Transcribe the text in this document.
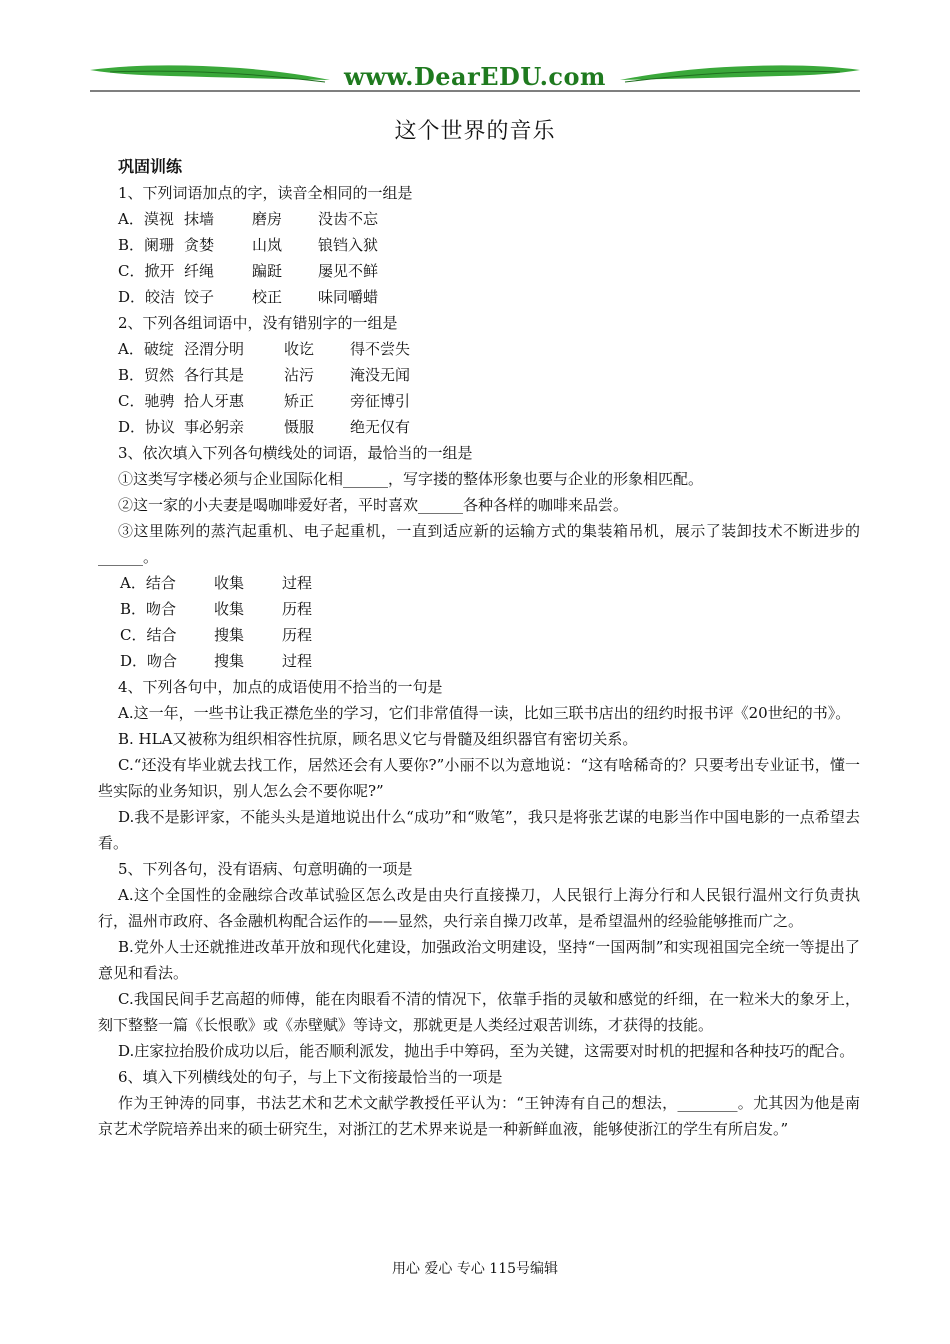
www.DearEDU.com
这个世界的音乐
巩固训练
1、下列词语加点的字，读音全相同的一组是
A．漠视 抹墙	磨房	没齿不忘
B．阑珊 贪婪	山岚	锒铛入狱
C．掀开 纤绳	蹁跹	屡见不鲜
D．皎洁 饺子	校正	味同嚼蜡
2、下列各组词语中，没有错别字的一组是
A．破绽 泾渭分明	收讫	得不尝失
B．贸然 各行其是	沾污	淹没无闻
C．驰骋 拾人牙惠	矫正	旁征博引
D．协议 事必躬亲	慑服	绝无仅有
3、依次填入下列各句横线处的词语，最恰当的一组是
①这类写字楼必须与企业国际化相______，写字搂的整体形象也要与企业的形象相匹配。
②这一家的小夫妻是喝咖啡爱好者，平时喜欢______各种各样的咖啡来品尝。
③这里陈列的蒸汽起重机、电子起重机，一直到适应新的运输方式的集装箱吊机，展示了装卸技术不断进步的______。
A．结合	收集	过程
B．吻合	收集	历程
C．结合	搜集	历程
D．吻合	搜集	过程
4、下列各句中，加点的成语使用不拾当的一句是
A.这一年，一些书让我正襟危坐的学习，它们非常值得一读，比如三联书店出的纽约时报书评《20世纪的书》。
B. HLA又被称为组织相容性抗原，顾名思义它与骨髓及组织器官有密切关系。
C.“还没有毕业就去找工作，居然还会有人要你?”小丽不以为意地说：“这有啥稀奇的？只要考出专业证书，懂一些实际的业务知识，别人怎么会不要你呢?”
D.我不是影评家，不能头头是道地说出什么“成功”和“败笔”，我只是将张艺谋的电影当作中国电影的一点希望去看。
5、下列各句，没有语病、句意明确的一项是
A.这个全国性的金融综合改革试验区怎么改是由央行直接操刀，人民银行上海分行和人民银行温州文行负责执行，温州市政府、各金融机构配合运作的——显然，央行亲自操刀改革，是希望温州的经验能够推而广之。
B.党外人士还就推进改革开放和现代化建设，加强政治文明建设，坚持“一国两制”和实现祖国完全统一等提出了意见和看法。
C.我国民间手艺高超的师傅，能在肉眼看不清的情况下，依靠手指的灵敏和感觉的纤细，在一粒米大的象牙上，刻下整整一篇《长恨歌》或《赤壁赋》等诗文，那就更是人类经过艰苦训练，才获得的技能。
D.庄家拉抬股价成功以后，能否顺利派发，抛出手中筹码，至为关键，这需要对时机的把握和各种技巧的配合。
6、填入下列横线处的句子，与上下文衔接最恰当的一项是
作为王钟涛的同事，书法艺术和艺术文献学教授任平认为：“王钟涛有自己的想法，________。尤其因为他是南京艺术学院培养出来的硕士研究生，对浙江的艺术界来说是一种新鲜血液，能够使浙江的学生有所启发。”
用心 爱心 专心 115号编辑
